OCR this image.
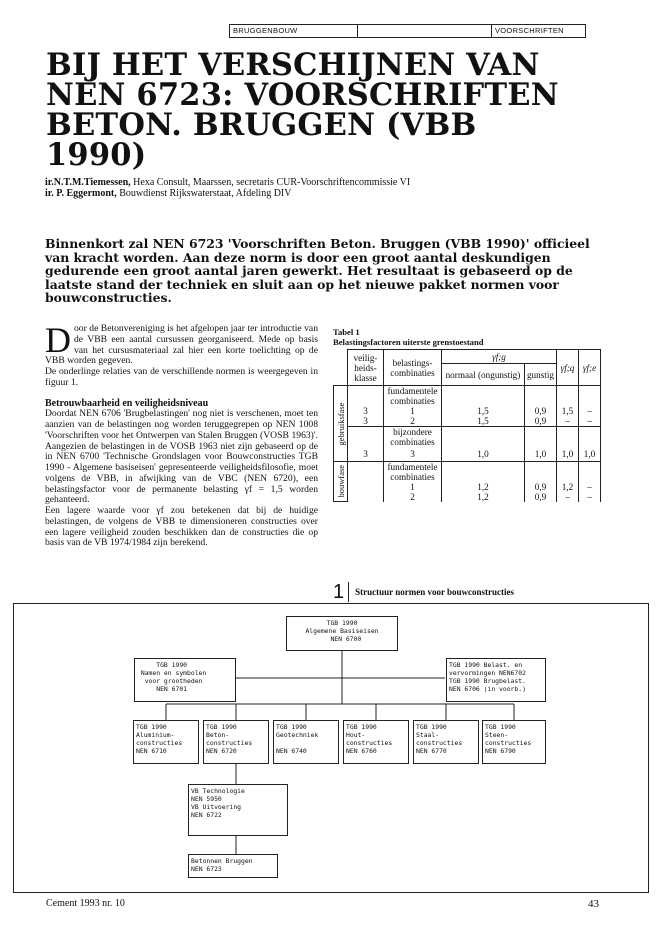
BRUGGENBOUW	VOORSCHRIFTEN
BIJ HET VERSCHIJNEN VAN NEN 6723: VOORSCHRIFTEN BETON. BRUGGEN (VBB 1990)
ir.N.T.M.Tiemessen, Hexa Consult, Maarssen, secretaris CUR-Voorschriftencommissie VI
ir. P. Eggermont, Bouwdienst Rijkswaterstaat, Afdeling DIV

Binnenkort zal NEN 6723 'Voorschriften Beton. Bruggen (VBB 1990)' officieel van kracht worden. Aan deze norm is door een groot aantal deskundigen gedurende een groot aantal jaren gewerkt. Het resultaat is gebaseerd op de laatste stand der techniek en sluit aan op het nieuwe pakket normen voor bouwconstructies.

Door de Betonvereniging is het afgelopen jaar ter introductie van de VBB een aantal cursussen georganiseerd. Mede op basis van het cursusmateriaal zal hier een korte toelichting op de VBB worden gegeven.

De onderlinge relaties van de verschillende normen is weergegeven in figuur 1.

Betrouwbaarheid en veiligheidsniveau

Doordat NEN 6706 'Brugbelastingen' nog niet is verschenen, moet ten aanzien van de belastingen nog worden teruggegrepen op NEN 1008 'Voorschriften voor het Ontwerpen van Stalen Bruggen (VOSB 1963)'. Aangezien de belastingen in de VOSB 1963 niet zijn gebaseerd op de in NEN 6700 'Technische Grondslagen voor Bouwconstructies TGB 1990 - Algemene basiseisen' gepresenteerde veiligheidsfilosofie, moet volgens de VBB, in afwijking van de VBC (NEN 6720), een belastingsfactor voor de permanente belasting γf = 1,5 worden gehanteerd.

Een lagere waarde voor γf zou betekenen dat bij de huidige belastingen, de volgens de VBB te dimensioneren constructies over een lagere veiligheid zouden beschikken dan de constructies die op basis van de VB 1974/1984 zijn berekend.

Tabel 1
Belastingsfactoren uiterste grenstoestand
	veilig-heids-klasse	belastings-combinaties	γf;g		γf;q	γf;e
			normaal (ongunstig)	gunstig		
gebruiksfase		fundamentele combinaties				
	3	1	1,5	0,9	1,5	–
	3	2	1,5	0,9	–	–
		bijzondere combinaties				
	3	3	1,0	1,0	1,0	1,0
bouwfase		fundamentele combinaties				
		1	1,2	0,9	1,2	–
		2	1,2	0,9	–	–
1	Structuur normen voor bouwconstructies
TGB 1990
Algemene Basiseisen
NEN 6700
TGB 1990
Namen en symbolen
voor grootheden
NEN 6701
TGB 1990 Belast. en
vervormingen NEN6702
TGB 1990 Brugbelast.
NEN 6706 (in voorb.)
TGB 1990
Aluminium-
constructies
NEN 6710
TGB 1990
Beton-
constructies
NEN 6720
TGB 1990
Geotechniek

NEN 6740
TGB 1990
Hout-
constructies
NEN 6760
TGB 1990
Staal-
constructies
NEN 6770
TGB 1990
Steen-
constructies
NEN 6790
VB Technologie
NEN 5950
VB Uitvoering
NEN 6722
Betonnen Bruggen
NEN 6723
Cement 1993 nr. 10	43
